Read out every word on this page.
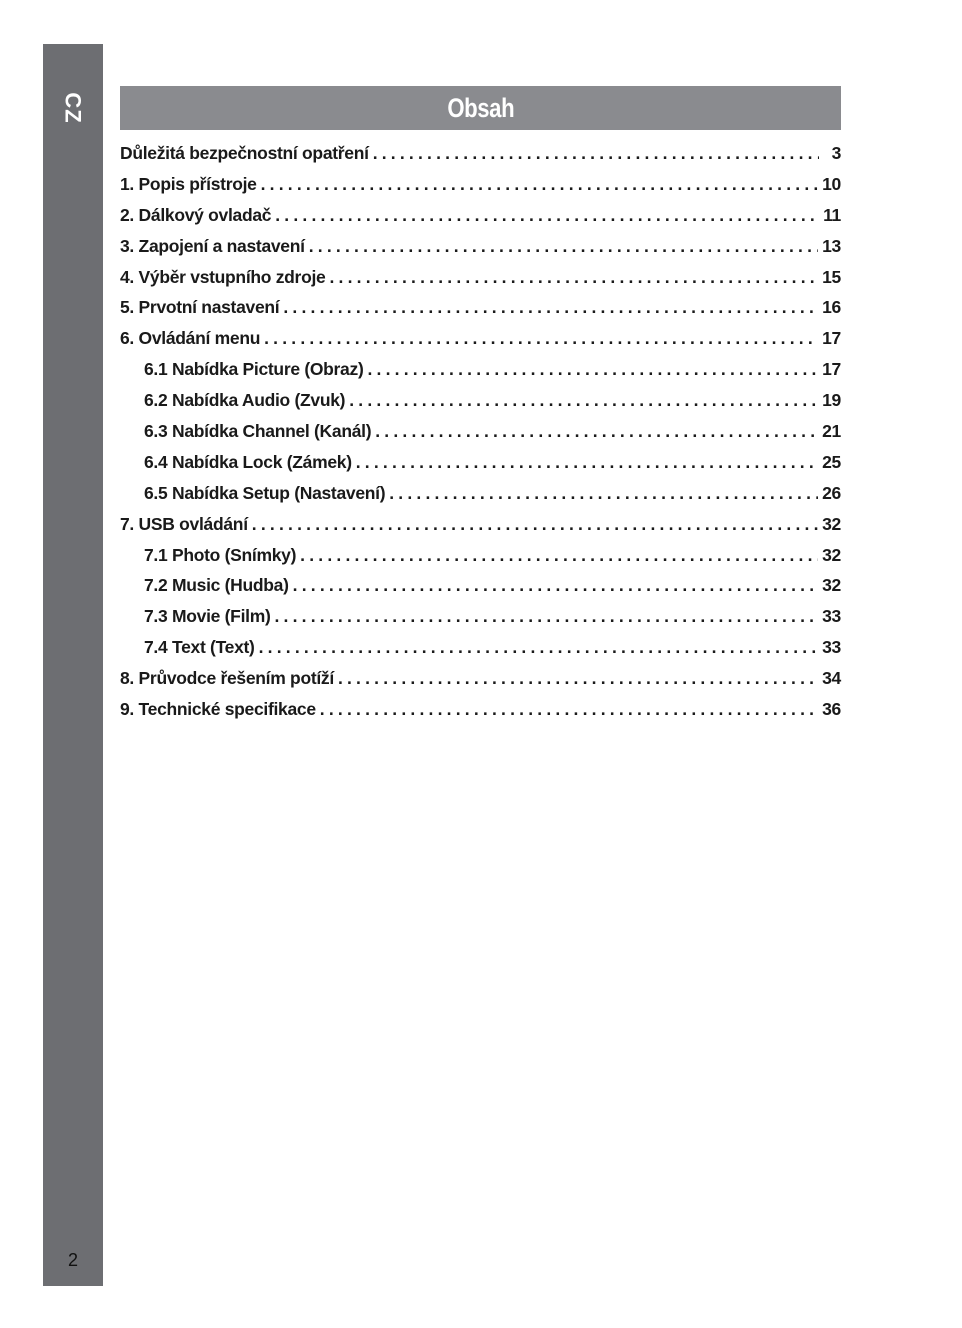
CZ
2
Obsah
Důležitá bezpečnostní opatření .....	3
1. Popis přístroje .....	10
2. Dálkový ovladač .....	11
3. Zapojení a nastavení .....	13
4. Výběr vstupního zdroje .....	15
5. Prvotní nastavení .....	16
6. Ovládání menu .....	17
6.1 Nabídka Picture (Obraz) .....	17
6.2 Nabídka Audio (Zvuk) .....	19
6.3 Nabídka Channel (Kanál) .....	21
6.4 Nabídka Lock (Zámek) .....	25
6.5 Nabídka Setup (Nastavení) .....	26
7. USB ovládání .....	32
7.1 Photo (Snímky) .....	32
7.2 Music (Hudba) .....	32
7.3 Movie (Film) .....	33
7.4 Text (Text) .....	33
8. Průvodce řešením potíží .....	34
9. Technické specifikace .....	36
